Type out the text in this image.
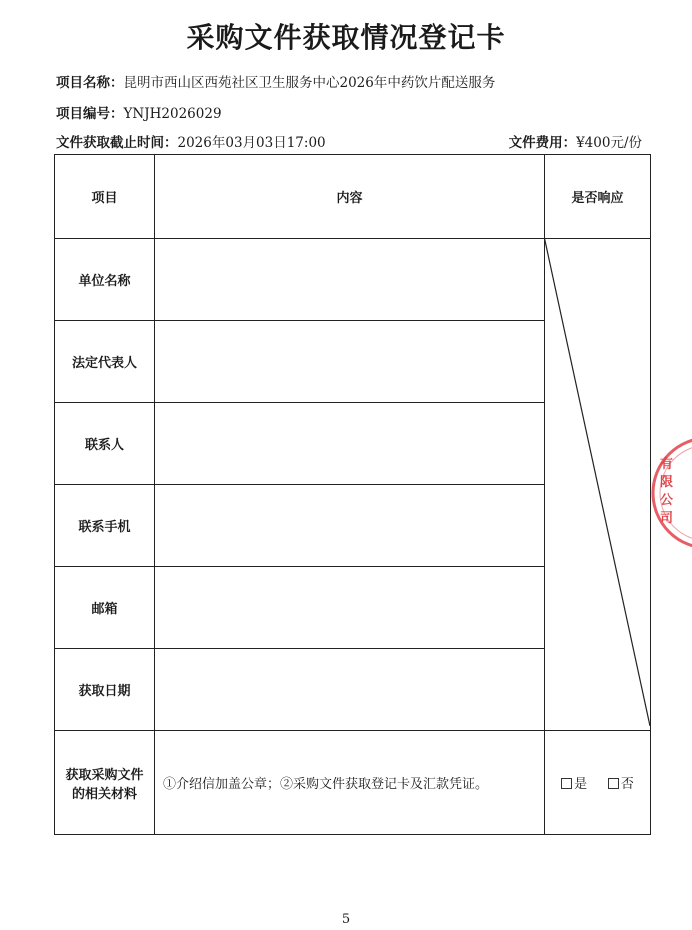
采购文件获取情况登记卡
项目名称：昆明市西山区西苑社区卫生服务中心2026年中药饮片配送服务
项目编号：YNJH2026029
文件获取截止时间：2026年03月03日17:00	文件费用：¥400元/份
项目	内容	是否响应
单位名称		
法定代表人		
联系人		
联系手机		
邮箱		
获取日期		
获取采购文件的相关材料	①介绍信加盖公章；②采购文件获取登记卡及汇款凭证。	是 否
有 限 公 司
5
